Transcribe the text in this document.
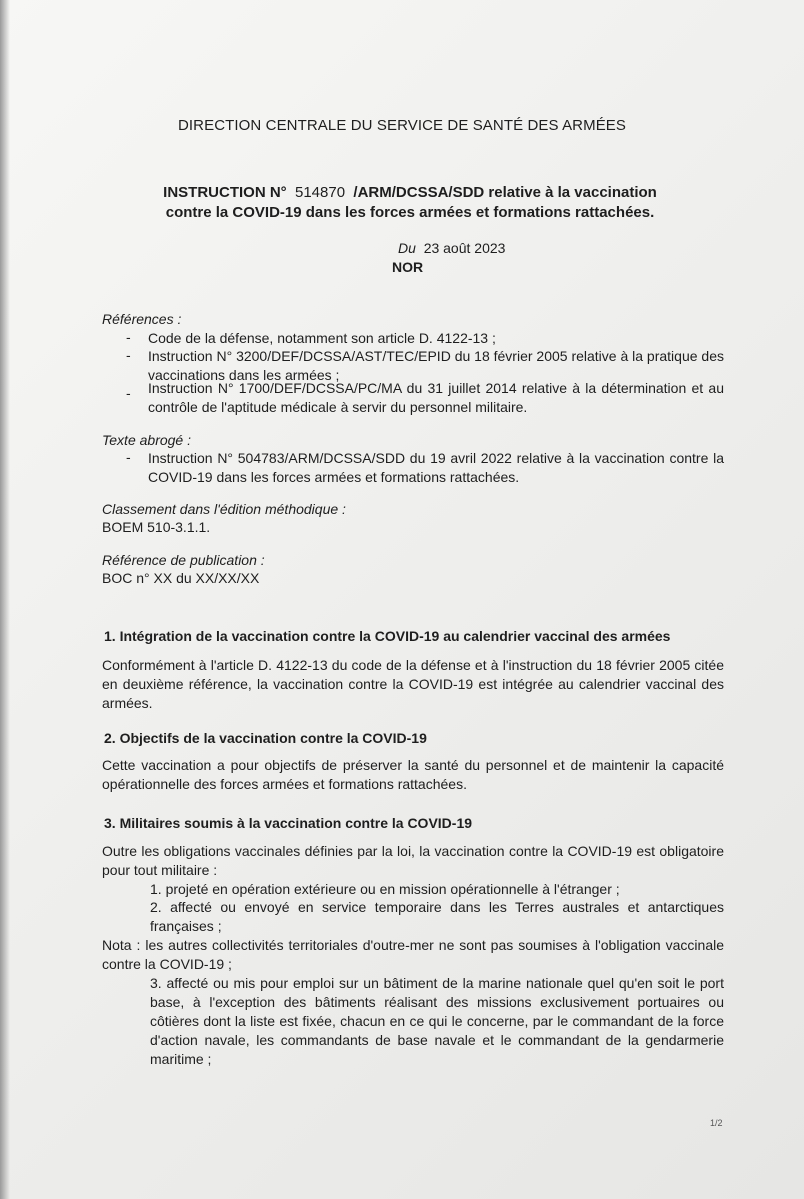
DIRECTION CENTRALE DU SERVICE DE SANTÉ DES ARMÉES
INSTRUCTION N° 514870 /ARM/DCSSA/SDD relative à la vaccination
contre la COVID-19 dans les forces armées et formations rattachées.
Du 23 août 2023
NOR
Références :
- Code de la défense, notamment son article D. 4122-13 ;
- Instruction N° 3200/DEF/DCSSA/AST/TEC/EPID du 18 février 2005 relative à la pratique des vaccinations dans les armées ;
- Instruction N° 1700/DEF/DCSSA/PC/MA du 31 juillet 2014 relative à la détermination et au contrôle de l'aptitude médicale à servir du personnel militaire.
Texte abrogé :
- Instruction N° 504783/ARM/DCSSA/SDD du 19 avril 2022 relative à la vaccination contre la COVID-19 dans les forces armées et formations rattachées.
Classement dans l'édition méthodique :
BOEM 510-3.1.1.
Référence de publication :
BOC n° XX du XX/XX/XX
1. Intégration de la vaccination contre la COVID-19 au calendrier vaccinal des armées
Conformément à l'article D. 4122-13 du code de la défense et à l'instruction du 18 février 2005 citée en deuxième référence, la vaccination contre la COVID-19 est intégrée au calendrier vaccinal des armées.
2. Objectifs de la vaccination contre la COVID-19
Cette vaccination a pour objectifs de préserver la santé du personnel et de maintenir la capacité opérationnelle des forces armées et formations rattachées.
3. Militaires soumis à la vaccination contre la COVID-19
Outre les obligations vaccinales définies par la loi, la vaccination contre la COVID-19 est obligatoire pour tout militaire :
1. projeté en opération extérieure ou en mission opérationnelle à l'étranger ;
2. affecté ou envoyé en service temporaire dans les Terres australes et antarctiques françaises ;
Nota : les autres collectivités territoriales d'outre-mer ne sont pas soumises à l'obligation vaccinale contre la COVID-19 ;
3. affecté ou mis pour emploi sur un bâtiment de la marine nationale quel qu'en soit le port base, à l'exception des bâtiments réalisant des missions exclusivement portuaires ou côtières dont la liste est fixée, chacun en ce qui le concerne, par le commandant de la force d'action navale, les commandants de base navale et le commandant de la gendarmerie maritime ;
1/2
